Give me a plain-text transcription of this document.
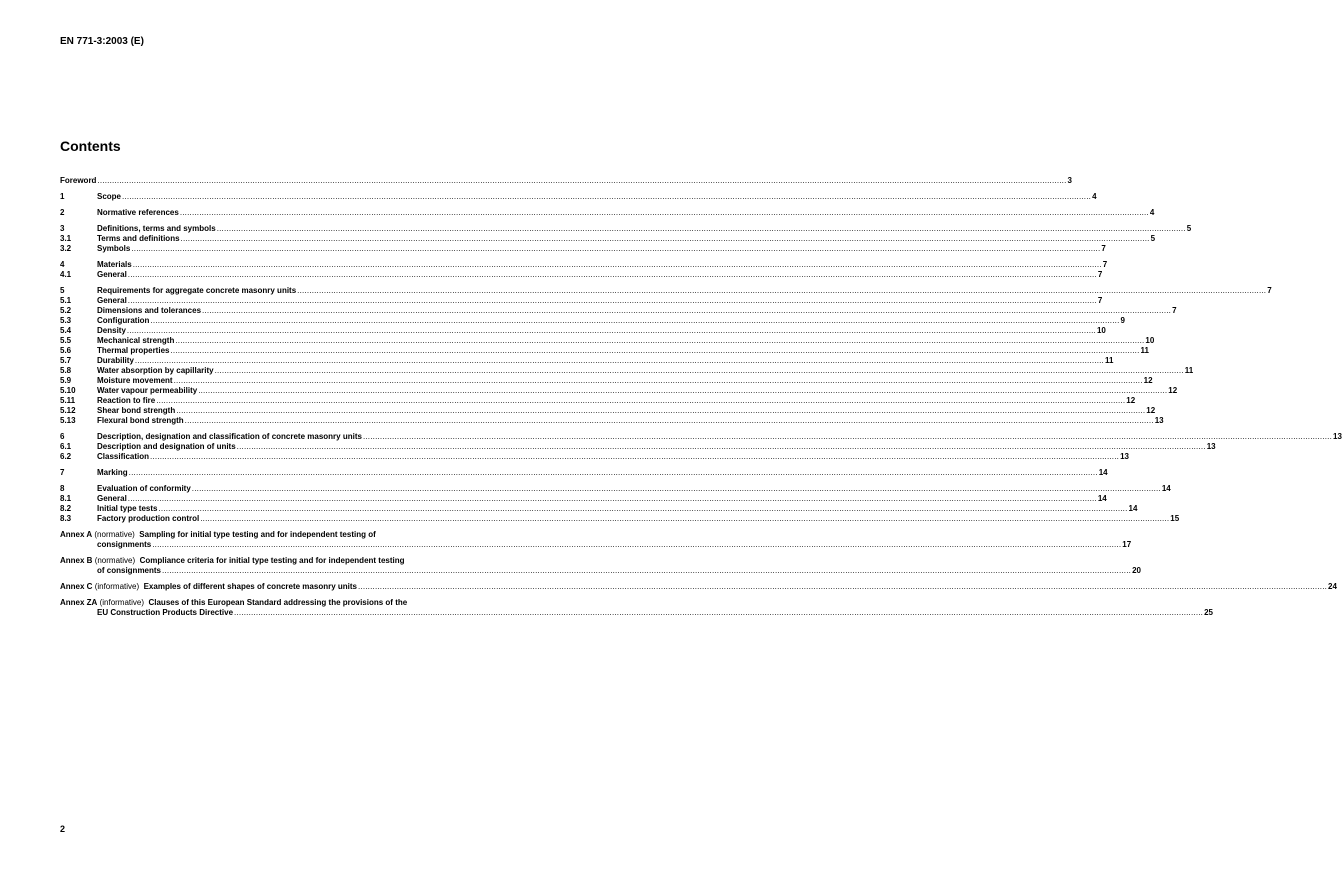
EN 771-3:2003 (E)
Contents
Foreword ................................................................................................................................................................................................................................................................................................................................................................................................................ 3
1	Scope ................................................................................................................................................................................................................................................................................................................................................................................................................ 4
2	Normative references ................................................................................................................................................................................................................................................................................................................................................................................................................ 4
3	Definitions, terms and symbols ................................................................................................................................................................................................................................................................................................................................................................................................................ 5
3.1	Terms and definitions ................................................................................................................................................................................................................................................................................................................................................................................................................ 5
3.2	Symbols ................................................................................................................................................................................................................................................................................................................................................................................................................ 7
4	Materials ................................................................................................................................................................................................................................................................................................................................................................................................................ 7
4.1	General ................................................................................................................................................................................................................................................................................................................................................................................................................ 7
5	Requirements for aggregate concrete masonry units ................................................................................................................................................................................................................................................................................................................................................................................................................ 7
5.1	General ................................................................................................................................................................................................................................................................................................................................................................................................................ 7
5.2	Dimensions and tolerances ................................................................................................................................................................................................................................................................................................................................................................................................................ 7
5.3	Configuration ................................................................................................................................................................................................................................................................................................................................................................................................................ 9
5.4	Density ................................................................................................................................................................................................................................................................................................................................................................................................................ 10
5.5	Mechanical strength ................................................................................................................................................................................................................................................................................................................................................................................................................ 10
5.6	Thermal properties ................................................................................................................................................................................................................................................................................................................................................................................................................ 11
5.7	Durability ................................................................................................................................................................................................................................................................................................................................................................................................................ 11
5.8	Water absorption by capillarity ................................................................................................................................................................................................................................................................................................................................................................................................................ 11
5.9	Moisture movement ................................................................................................................................................................................................................................................................................................................................................................................................................ 12
5.10	Water vapour permeability ................................................................................................................................................................................................................................................................................................................................................................................................................ 12
5.11	Reaction to fire ................................................................................................................................................................................................................................................................................................................................................................................................................ 12
5.12	Shear bond strength ................................................................................................................................................................................................................................................................................................................................................................................................................ 12
5.13	Flexural bond strength ................................................................................................................................................................................................................................................................................................................................................................................................................ 13
6	Description, designation and classification of concrete masonry units ................................................................................................................................................................................................................................................................................................................................................................................................................ 13
6.1	Description and designation of units ................................................................................................................................................................................................................................................................................................................................................................................................................ 13
6.2	Classification ................................................................................................................................................................................................................................................................................................................................................................................................................ 13
7	Marking ................................................................................................................................................................................................................................................................................................................................................................................................................ 14
8	Evaluation of conformity ................................................................................................................................................................................................................................................................................................................................................................................................................ 14
8.1	General ................................................................................................................................................................................................................................................................................................................................................................................................................ 14
8.2	Initial type tests ................................................................................................................................................................................................................................................................................................................................................................................................................ 14
8.3	Factory production control ................................................................................................................................................................................................................................................................................................................................................................................................................ 15
Annex A
(normative)
Sampling for initial type testing and for independent testing of
consignments ................................................................................................................................................................................................................................................................................................................................................................................................................ 17
Annex B
(normative)
Compliance criteria for initial type testing and for independent testing
of consignments ................................................................................................................................................................................................................................................................................................................................................................................................................ 20
Annex C
(informative)
Examples of different shapes of concrete masonry units ................................................................................................................................................................................................................................................................................................................................................................................................................ 24
Annex ZA
(informative)
Clauses of this European Standard addressing the provisions of the
EU Construction Products Directive ................................................................................................................................................................................................................................................................................................................................................................................................................ 25
2
